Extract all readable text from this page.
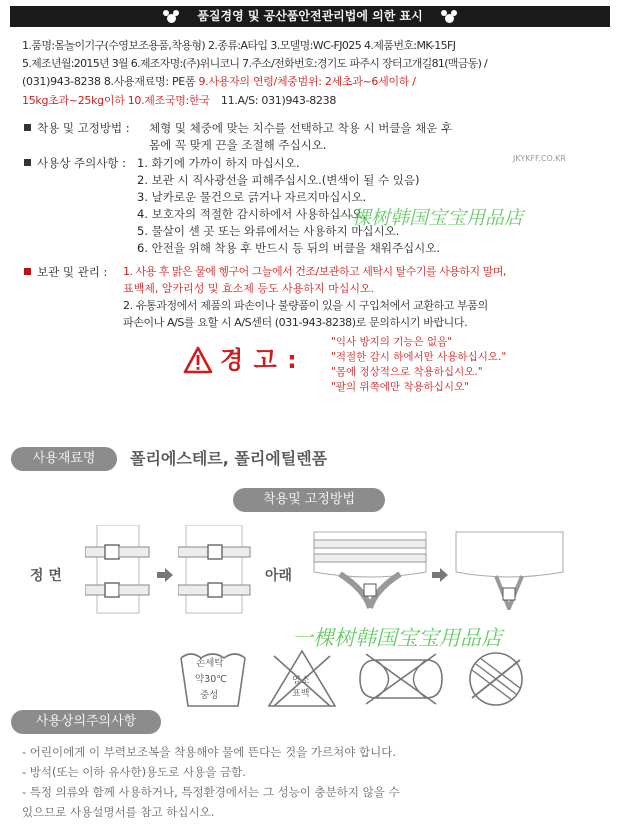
품질경영 및 공산품안전관리법에 의한 표시
1.품명:몸놀이기구(수영보조용품,착용형) 2.종류:A타입 3.모델명:WC-FJ025 4.제품번호:MK-15FJ
5.제조년월:2015년 3월 6.제조자명:(주)위니코니 7.주소/전화번호:경기도 파주시 장터고개길81(맥금동) /
(031)943-8238 8.사용재료명: PE폼 9.사용자의 연령/체중범위: 2세초과~6세이하 /
15kg초과~25kg이하 10.제조국명:한국 11.A/S: 031)943-8238
착용 및 고정방법 : 체형 및 체중에 맞는 치수를 선택하고 착용 시 버클을 채운 후
몸에 꼭 맞게 끈을 조절해 주십시오.
사용상 주의사항 : 1. 화기에 가까이 하지 마십시오.
2. 보관 시 직사광선을 피해주십시오.(변색이 될 수 있음)
3. 날카로운 물건으로 긁거나 자르지마십시오.
4. 보호자의 적절한 감시하에서 사용하십시오.
5. 물살이 센 곳 또는 와류에서는 사용하지 마십시오.
6. 안전을 위해 착용 후 반드시 등 뒤의 버클을 채워주십시오.
JKYKFF.CO.KR
보관 및 관리 : 1. 사용 후 맑은 물에 헹구어 그늘에서 건조/보관하고 세탁시 탈수기를 사용하지 말며,
표백제, 알카리성 및 효소제 등도 사용하지 마십시오.
2. 유통과정에서 제품의 파손이나 불량품이 있을 시 구입처에서 교환하고 부품의
파손이나 A/S를 요할 시 A/S센터 (031-943-8238)로 문의하시기 바랍니다.
경 고 :
"익사 방지의 기능은 없음"
"적절한 감시 하에서만 사용하십시오."
"몸에 정상적으로 착용하십시오."
"팔의 위쪽에만 착용하십시오"
一棵树韩国宝宝用品店
사용재료명	폴리에스테르, 폴리에틸렌폼
착용및 고정방법
정 면	아래
一棵树韩国宝宝用品店
손세탁
약30℃
중성
염소
표백
사용상의주의사항
- 어린이에게 이 부력보조복을 착용해야 물에 뜬다는 것을 가르쳐야 합니다.
- 방석(또는 이하 유사한)용도로 사용을 금함.
- 특정 의류와 함께 사용하거나, 특정환경에서는 그 성능이 충분하지 않을 수
있으므로 사용설명서를 참고 하십시오.
